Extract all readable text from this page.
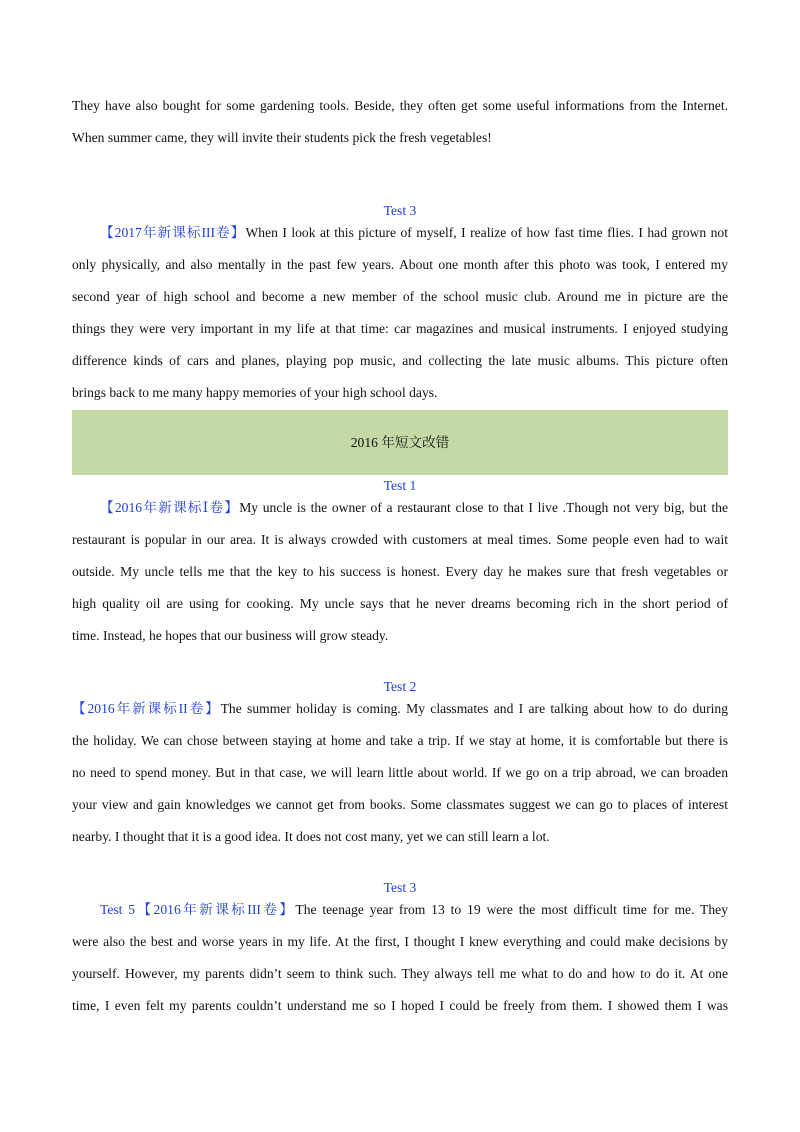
They have also bought for some gardening tools. Beside, they often get some useful informations from the Internet.
When summer came, they will invite their students pick the fresh vegetables!
Test 3
【2017年新课标III卷】When I look at this picture of myself, I realize of how fast time flies. I had grown not
only physically, and also mentally in the past few years. About one month after this photo was took, I entered my
second year of high school and become a new member of the school music club. Around me in picture are the
things they were very important in my life at that time: car magazines and musical instruments. I enjoyed studying
difference kinds of cars and planes, playing pop music, and collecting the late music albums. This picture often
brings back to me many happy memories of your high school days.
2016 年短文改错
Test 1
【2016年新课标Ⅰ卷】My uncle is the owner of a restaurant close to that I live .Though not very big, but the
restaurant is popular in our area. It is always crowded with customers at meal times. Some people even had to wait
outside. My uncle tells me that the key to his success is honest. Every day he makes sure that fresh vegetables or
high quality oil are using for cooking. My uncle says that he never dreams becoming rich in the short period of
time. Instead, he hopes that our business will grow steady.
Test 2
【2016年新课标II卷】The summer holiday is coming. My classmates and I are talking about how to do during
the holiday. We can chose between staying at home and take a trip. If we stay at home, it is comfortable but there is
no need to spend money. But in that case, we will learn little about world. If we go on a trip abroad, we can broaden
your view and gain knowledges we cannot get from books. Some classmates suggest we can go to places of interest
nearby. I thought that it is a good idea. It does not cost many, yet we can still learn a lot.
Test 3
Test 5【2016年新课标III卷】The teenage year from 13 to 19 were the most difficult time for me. They
were also the best and worse years in my life. At the first, I thought I knew everything and could make decisions by
yourself. However, my parents didn’t seem to think such. They always tell me what to do and how to do it. At one
time, I even felt my parents couldn’t understand me so I hoped I could be freely from them. I showed them I was
